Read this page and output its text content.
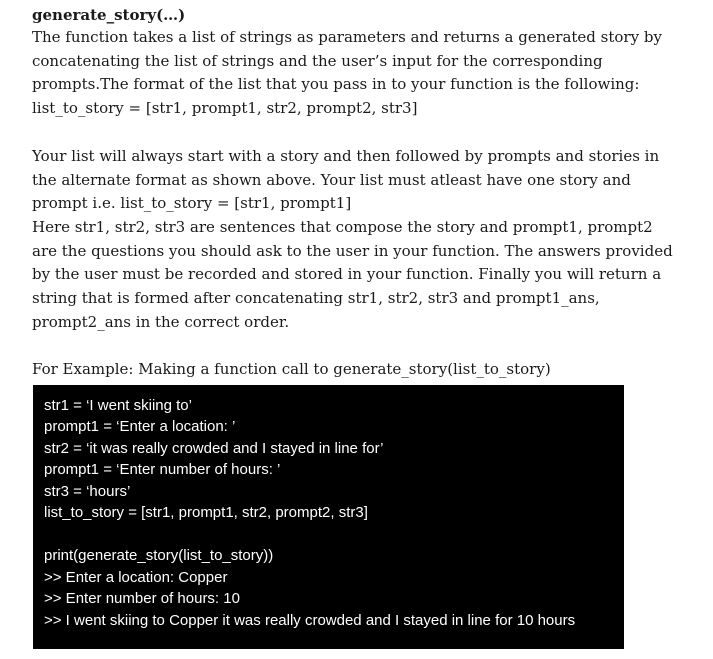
generate_story(…)
The function takes a list of strings as parameters and returns a generated story by
concatenating the list of strings and the user’s input for the corresponding
prompts.The format of the list that you pass in to your function is the following:
list_to_story = [str1, prompt1, str2, prompt2, str3]
Your list will always start with a story and then followed by prompts and stories in
the alternate format as shown above. Your list must atleast have one story and
prompt i.e. list_to_story = [str1, prompt1]
Here str1, str2, str3 are sentences that compose the story and prompt1, prompt2
are the questions you should ask to the user in your function. The answers provided
by the user must be recorded and stored in your function. Finally you will return a
string that is formed after concatenating str1, str2, str3 and prompt1_ans,
prompt2_ans in the correct order.
For Example: Making a function call to generate_story(list_to_story)
str1 = ‘I went skiing to’
prompt1 = ‘Enter a location: ’
str2 = ‘it was really crowded and I stayed in line for’
prompt1 = ‘Enter number of hours: ’
str3 = ‘hours’
list_to_story = [str1, prompt1, str2, prompt2, str3]
print(generate_story(list_to_story))
>> Enter a location: Copper
>> Enter number of hours: 10
>> I went skiing to Copper it was really crowded and I stayed in line for 10 hours
